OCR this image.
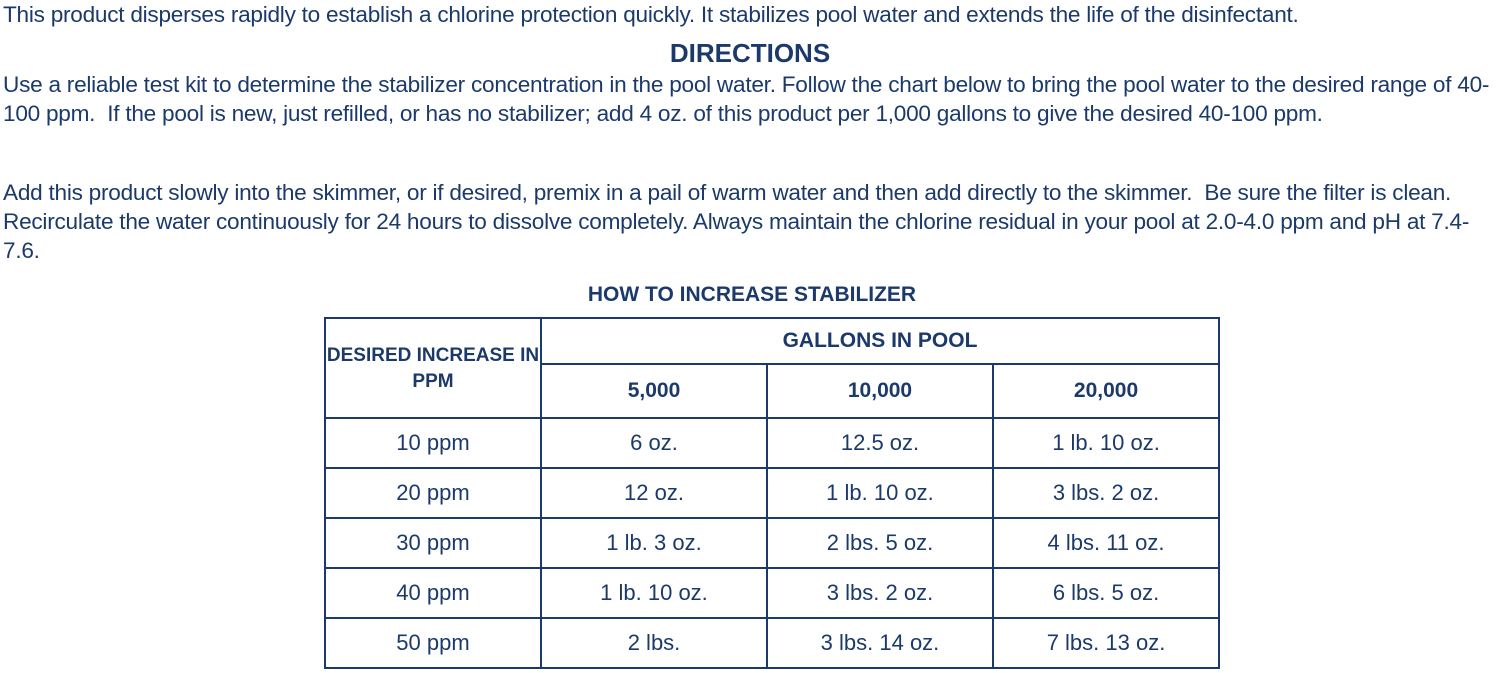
This product disperses rapidly to establish a chlorine protection quickly. It stabilizes pool water and extends the life of the disinfectant.
DIRECTIONS
Use a reliable test kit to determine the stabilizer concentration in the pool water. Follow the chart below to bring the pool water to the desired range of 40-100 ppm.  If the pool is new, just refilled, or has no stabilizer; add 4 oz. of this product per 1,000 gallons to give the desired 40-100 ppm.
Add this product slowly into the skimmer, or if desired, premix in a pail of warm water and then add directly to the skimmer.  Be sure the filter is clean. Recirculate the water continuously for 24 hours to dissolve completely. Always maintain the chlorine residual in your pool at 2.0-4.0 ppm and pH at 7.4-7.6.
HOW TO INCREASE STABILIZER
DESIRED INCREASE IN PPM	GALLONS IN POOL		
	5,000	10,000	20,000
10 ppm	6 oz.	12.5 oz.	1 lb. 10 oz.
20 ppm	12 oz.	1 lb. 10 oz.	3 lbs. 2 oz.
30 ppm	1 lb. 3 oz.	2 lbs. 5 oz.	4 lbs. 11 oz.
40 ppm	1 lb. 10 oz.	3 lbs. 2 oz.	6 lbs. 5 oz.
50 ppm	2 lbs.	3 lbs. 14 oz.	7 lbs. 13 oz.
